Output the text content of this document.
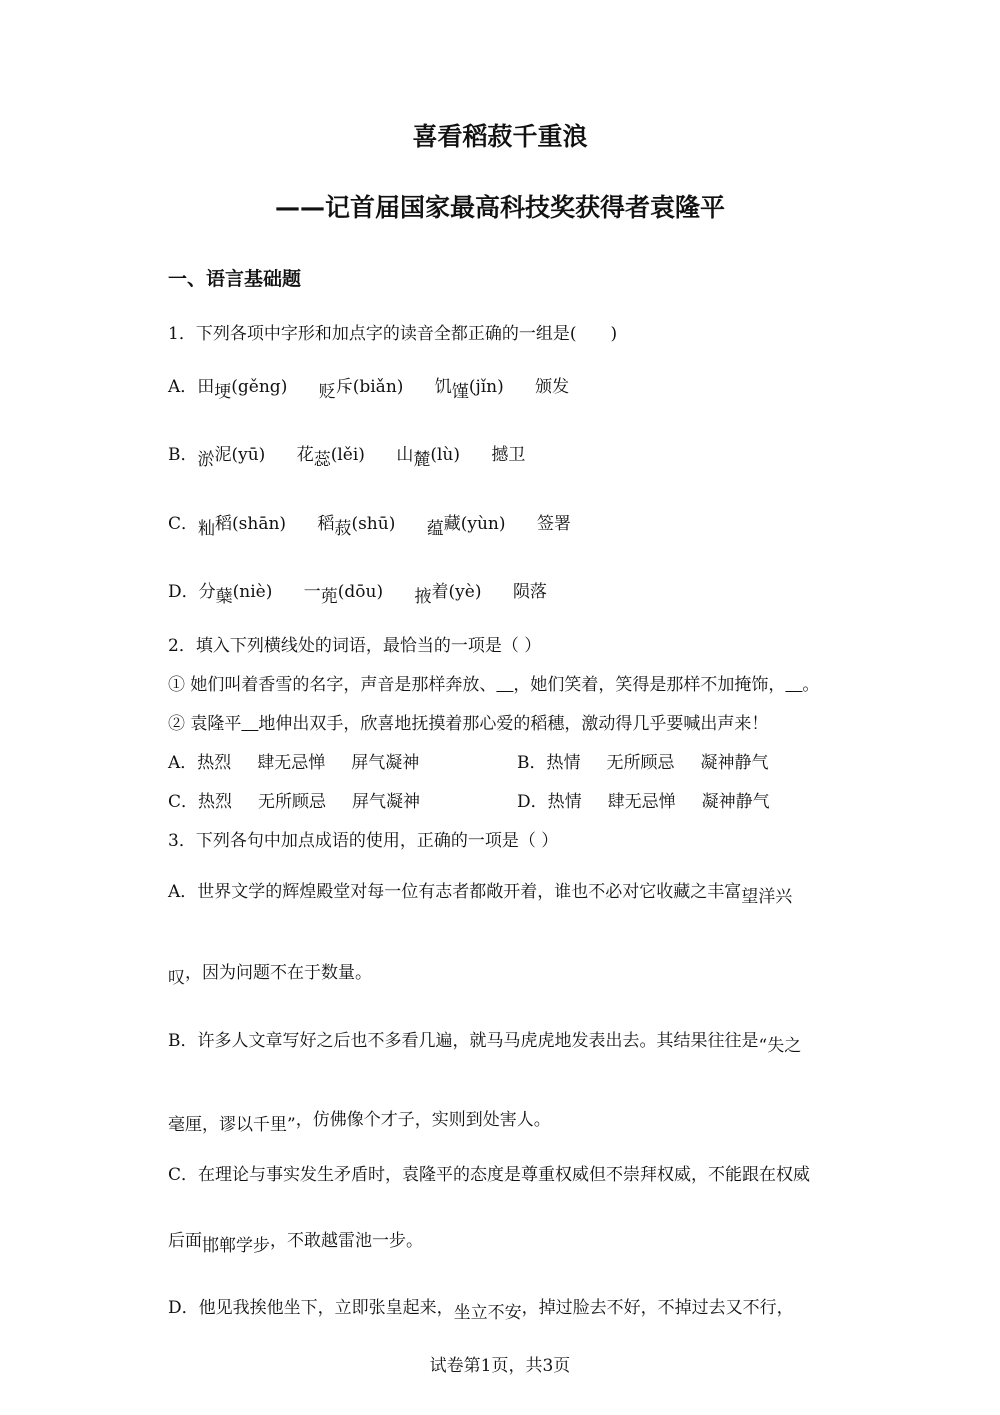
喜看稻菽千重浪
——记首届国家最高科技奖获得者袁隆平
一、语言基础题
1．下列各项中字形和加点字的读音全都正确的一组是(　　)
A．田埂(gěng) 贬斥(biǎn) 饥馑(jǐn) 颁发
B．淤泥(yū) 花蕊(lěi) 山麓(lù) 撼卫
C．籼稻(shān) 稻菽(shū) 蕴藏(yùn) 签署
D．分蘖(niè) 一蔸(dōu) 掖着(yè) 陨落
2．填入下列横线处的词语，最恰当的一项是（ ）
① 她们叫着香雪的名字，声音是那样奔放、  ，她们笑着，笑得是那样不加掩饰，  。
② 袁隆平  地伸出双手，欣喜地抚摸着那心爱的稻穗，激动得几乎要喊出声来！
A．热烈 肆无忌惮 屏气凝神	B．热情 无所顾忌 凝神静气
C．热烈 无所顾忌 屏气凝神	D．热情 肆无忌惮 凝神静气
3．下列各句中加点成语的使用，正确的一项是（ ）
A．世界文学的辉煌殿堂对每一位有志者都敞开着，谁也不必对它收藏之丰富望洋兴
叹，因为问题不在于数量。
B．许多人文章写好之后也不多看几遍，就马马虎虎地发表出去。其结果往往是“失之
毫厘，谬以千里”，仿佛像个才子，实则到处害人。
C．在理论与事实发生矛盾时，袁隆平的态度是尊重权威但不崇拜权威，不能跟在权威
后面邯郸学步，不敢越雷池一步。
D．他见我挨他坐下，立即张皇起来，坐立不安，掉过脸去不好，不掉过去又不行，
试卷第1页，共3页
